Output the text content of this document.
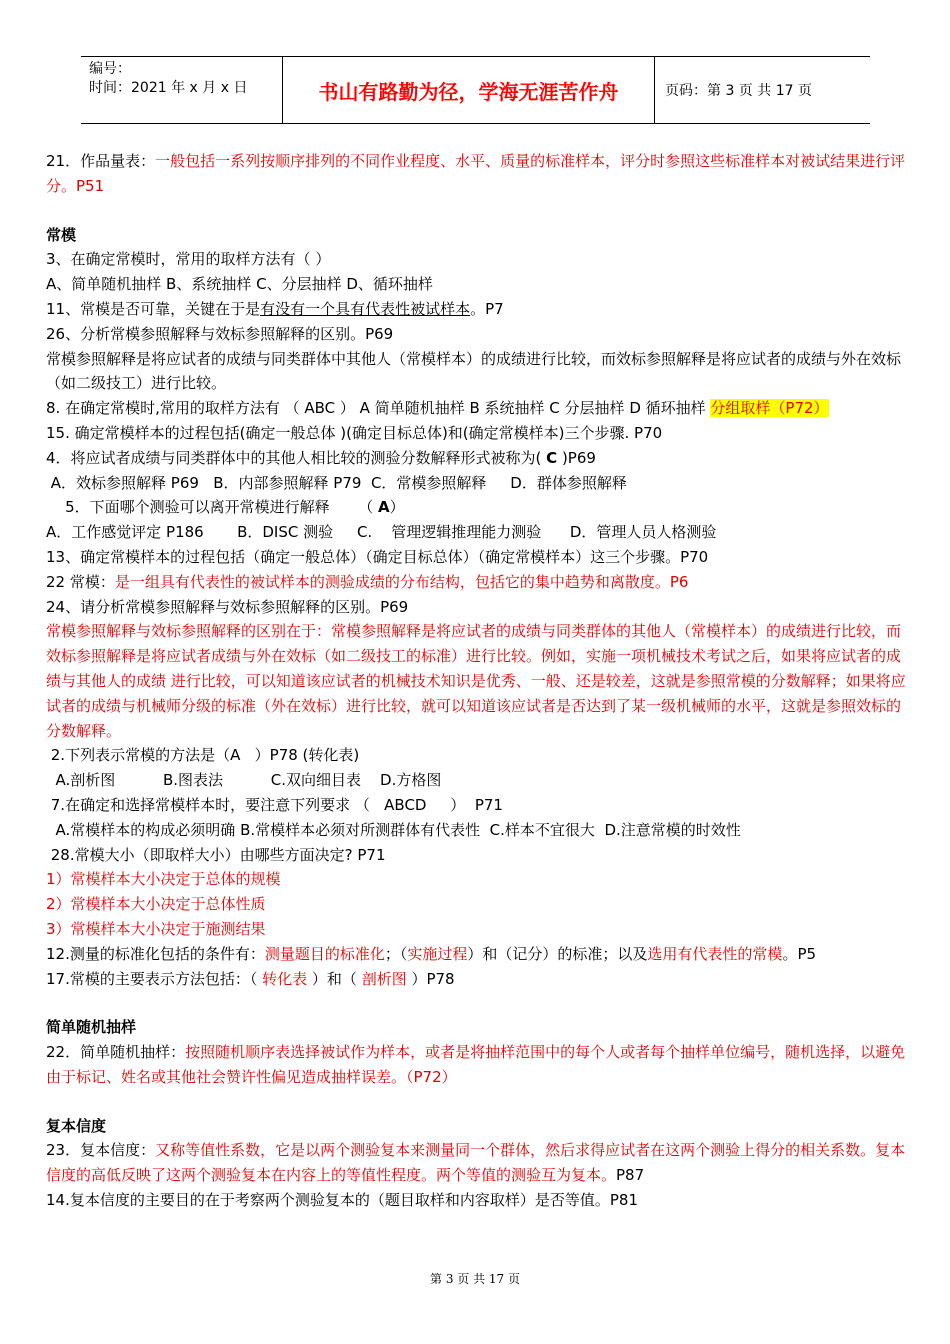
编号：
时间：2021 年 x 月 x 日	书山有路勤为径，学海无涯苦作舟	页码：第 3 页 共 17 页

21．作品量表：一般包括一系列按顺序排列的不同作业程度、水平、质量的标准样本，评分时参照这些标准样本对被试结果进行评分。P51

常模

3、在确定常模时，常用的取样方法有（ ）

A、简单随机抽样 B、系统抽样 C、分层抽样 D、循环抽样

11、常模是否可靠，关键在于是有没有一个具有代表性被试样本。P7

26、分析常模参照解释与效标参照解释的区别。P69

常模参照解释是将应试者的成绩与同类群体中其他人（常模样本）的成绩进行比较，而效标参照解释是将应试者的成绩与外在效标（如二级技工）进行比较。

8. 在确定常模时,常用的取样方法有 （ ABC ） A 简单随机抽样 B 系统抽样 C 分层抽样 D 循环抽样 分组取样（P72）

15. 确定常模样本的过程包括(确定一般总体 )(确定目标总体)和(确定常模样本)三个步骤. P70

4．将应试者成绩与同类群体中的其他人相比较的测验分数解释形式被称为( C )P69

A．效标参照解释 P69   B．内部参照解释 P79  C．常模参照解释     D．群体参照解释

5．下面哪个测验可以离开常模进行解释      （ A）

A．工作感觉评定 P186       B．DISC 测验     C.    管理逻辑推理能力测验      D．管理人员人格测验

13、确定常模样本的过程包括（确定一般总体）（确定目标总体）（确定常模样本）这三个步骤。P70

22 常模：是一组具有代表性的被试样本的测验成绩的分布结构，包括它的集中趋势和离散度。P6

24、请分析常模参照解释与效标参照解释的区别。P69

常模参照解释与效标参照解释的区别在于：常模参照解释是将应试者的成绩与同类群体的其他人（常模样本）的成绩进行比较，而效标参照解释是将应试者成绩与外在效标（如二级技工的标准）进行比较。例如，实施一项机械技术考试之后，如果将应试者的成绩与其他人的成绩 进行比较，可以知道该应试者的机械技术知识是优秀、一般、还是较差，这就是参照常模的分数解释；如果将应试者的成绩与机械师分级的标准（外在效标）进行比较，就可以知道该应试者是否达到了某一级机械师的水平，这就是参照效标的分数解释。

2.下列表示常模的方法是（A   ）P78 (转化表)

A.剖析图          B.图表法          C.双向细目表    D.方格图

7.在确定和选择常模样本时，要注意下列要求 （   ABCD     ）  P71

A.常模样本的构成必须明确 B.常模样本必须对所测群体有代表性  C.样本不宜很大  D.注意常模的时效性

28.常模大小（即取样大小）由哪些方面决定? P71

1）常模样本大小决定于总体的规模

2）常模样本大小决定于总体性质

3）常模样本大小决定于施测结果

12.测量的标准化包括的条件有：测量题目的标准化；（实施过程）和（记分）的标准；以及选用有代表性的常模。P5

17.常模的主要表示方法包括：（ 转化表 ）和（ 剖析图 ）P78

简单随机抽样

22．简单随机抽样：按照随机顺序表选择被试作为样本，或者是将抽样范围中的每个人或者每个抽样单位编号，随机选择，以避免由于标记、姓名或其他社会赞许性偏见造成抽样误差。（P72）

复本信度

23．复本信度：又称等值性系数，它是以两个测验复本来测量同一个群体，然后求得应试者在这两个测验上得分的相关系数。复本信度的高低反映了这两个测验复本在内容上的等值性程度。两个等值的测验互为复本。P87

14.复本信度的主要目的在于考察两个测验复本的（题目取样和内容取样）是否等值。P81

第 3 页 共 17 页
